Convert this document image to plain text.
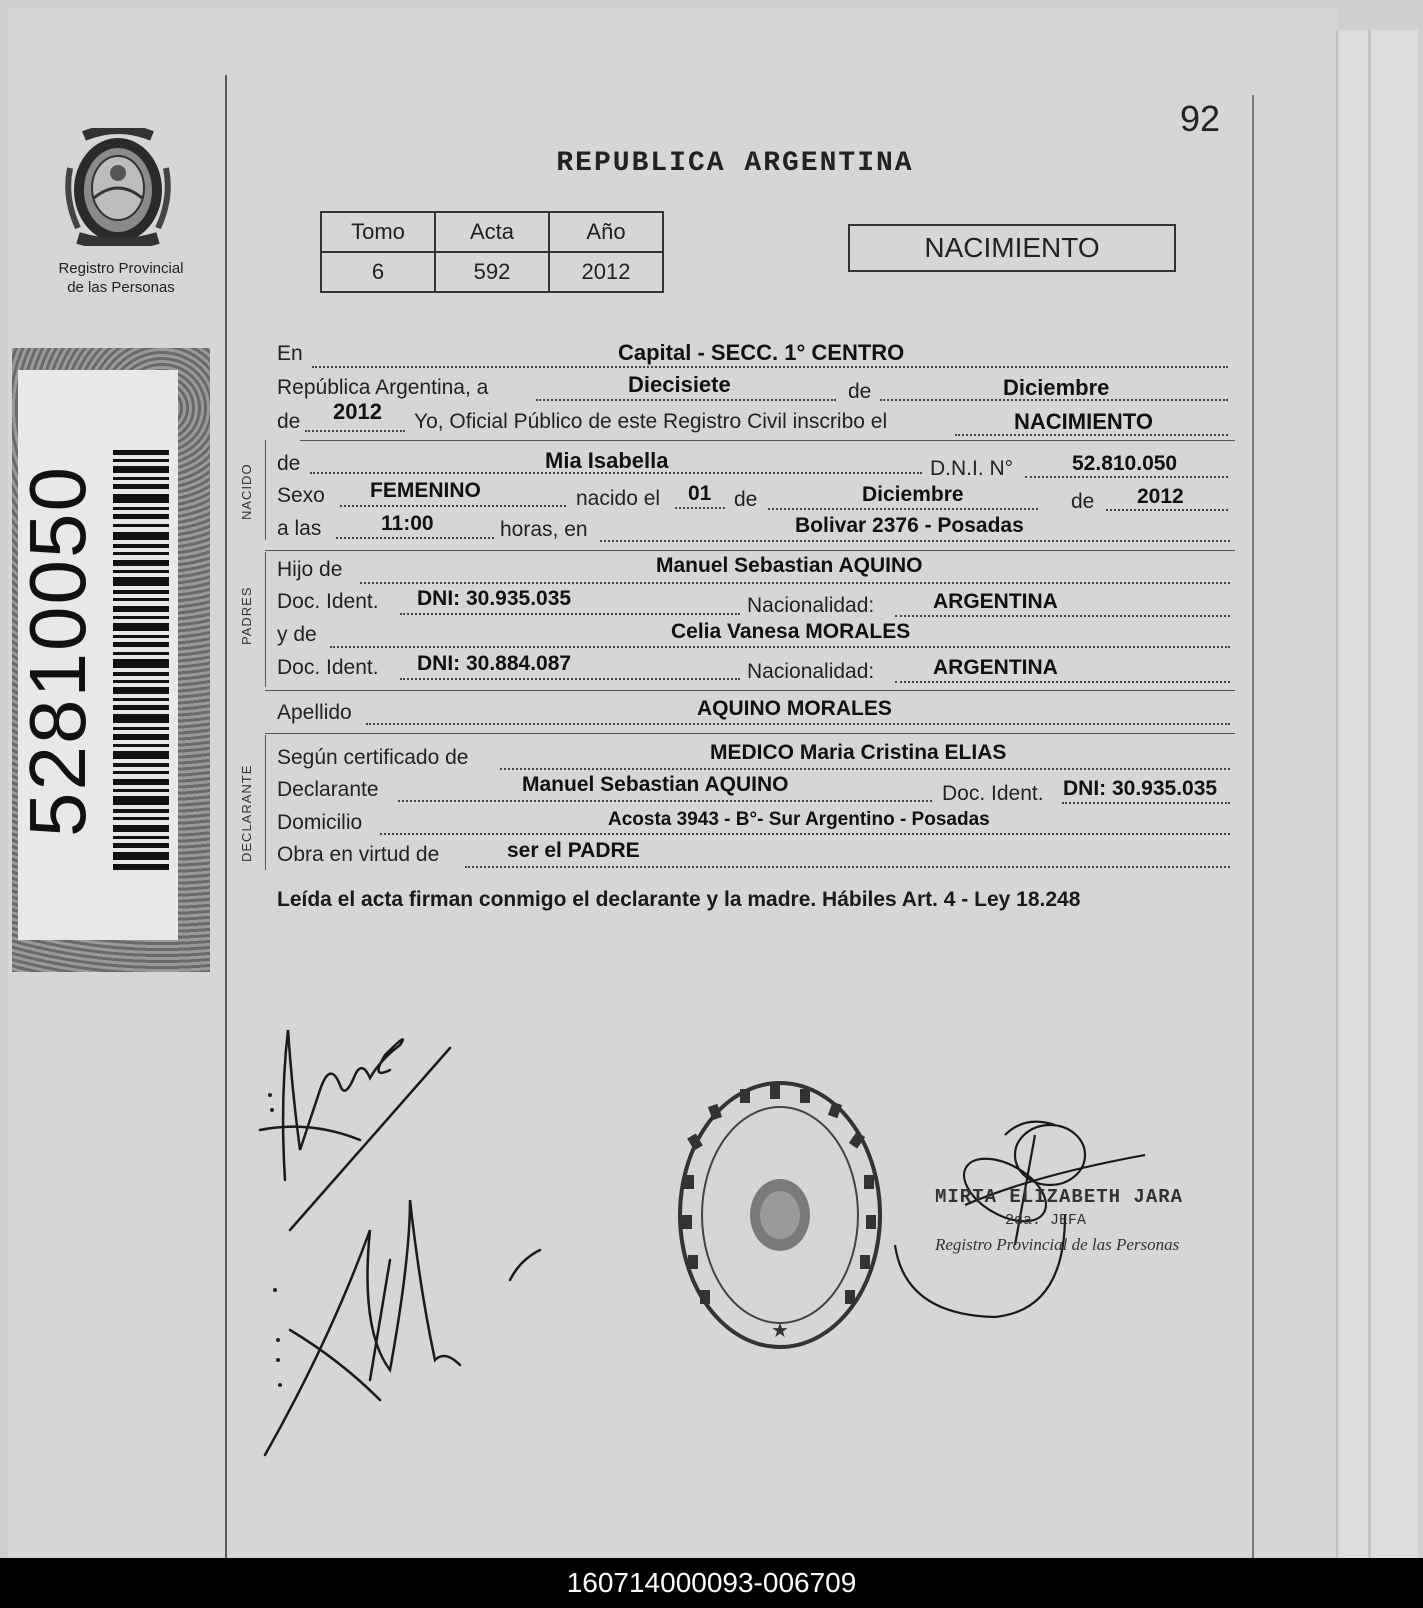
Registro Provincial
de las Personas
52810050
92
REPUBLICA ARGENTINA
Tomo	Acta	Año
6	592	2012
NACIMIENTO
En	Capital - SECC. 1° CENTRO
República Argentina, a	Diecisiete	de	Diciembre
de 2012 Yo, Oficial Público de este Registro Civil inscribo el	NACIMIENTO
NACIDO de	Mia Isabella	D.N.I. N°	52.810.050
Sexo FEMENINO	nacido el 01 de	Diciembre	de 2012
a las	11:00	horas, en	Bolivar 2376 - Posadas
PADRES
Hijo de	Manuel Sebastian AQUINO
Doc. Ident. DNI: 30.935.035	Nacionalidad:	ARGENTINA
y de	Celia Vanesa MORALES
Doc. Ident. DNI: 30.884.087	Nacionalidad:	ARGENTINA
Apellido	AQUINO MORALES
DECLARANTE
Según certificado de	MEDICO Maria Cristina ELIAS
Declarante	Manuel Sebastian AQUINO	Doc. Ident. DNI: 30.935.035
Domicilio	Acosta 3943 - B°- Sur Argentino - Posadas
Obra en virtud de	ser el PADRE
Leída el acta firman conmigo el declarante y la madre. Hábiles Art. 4 - Ley 18.248
★
MIRTA ELIZABETH JARA
2da. JEFA
Registro Provincial de las Personas
160714000093-006709
